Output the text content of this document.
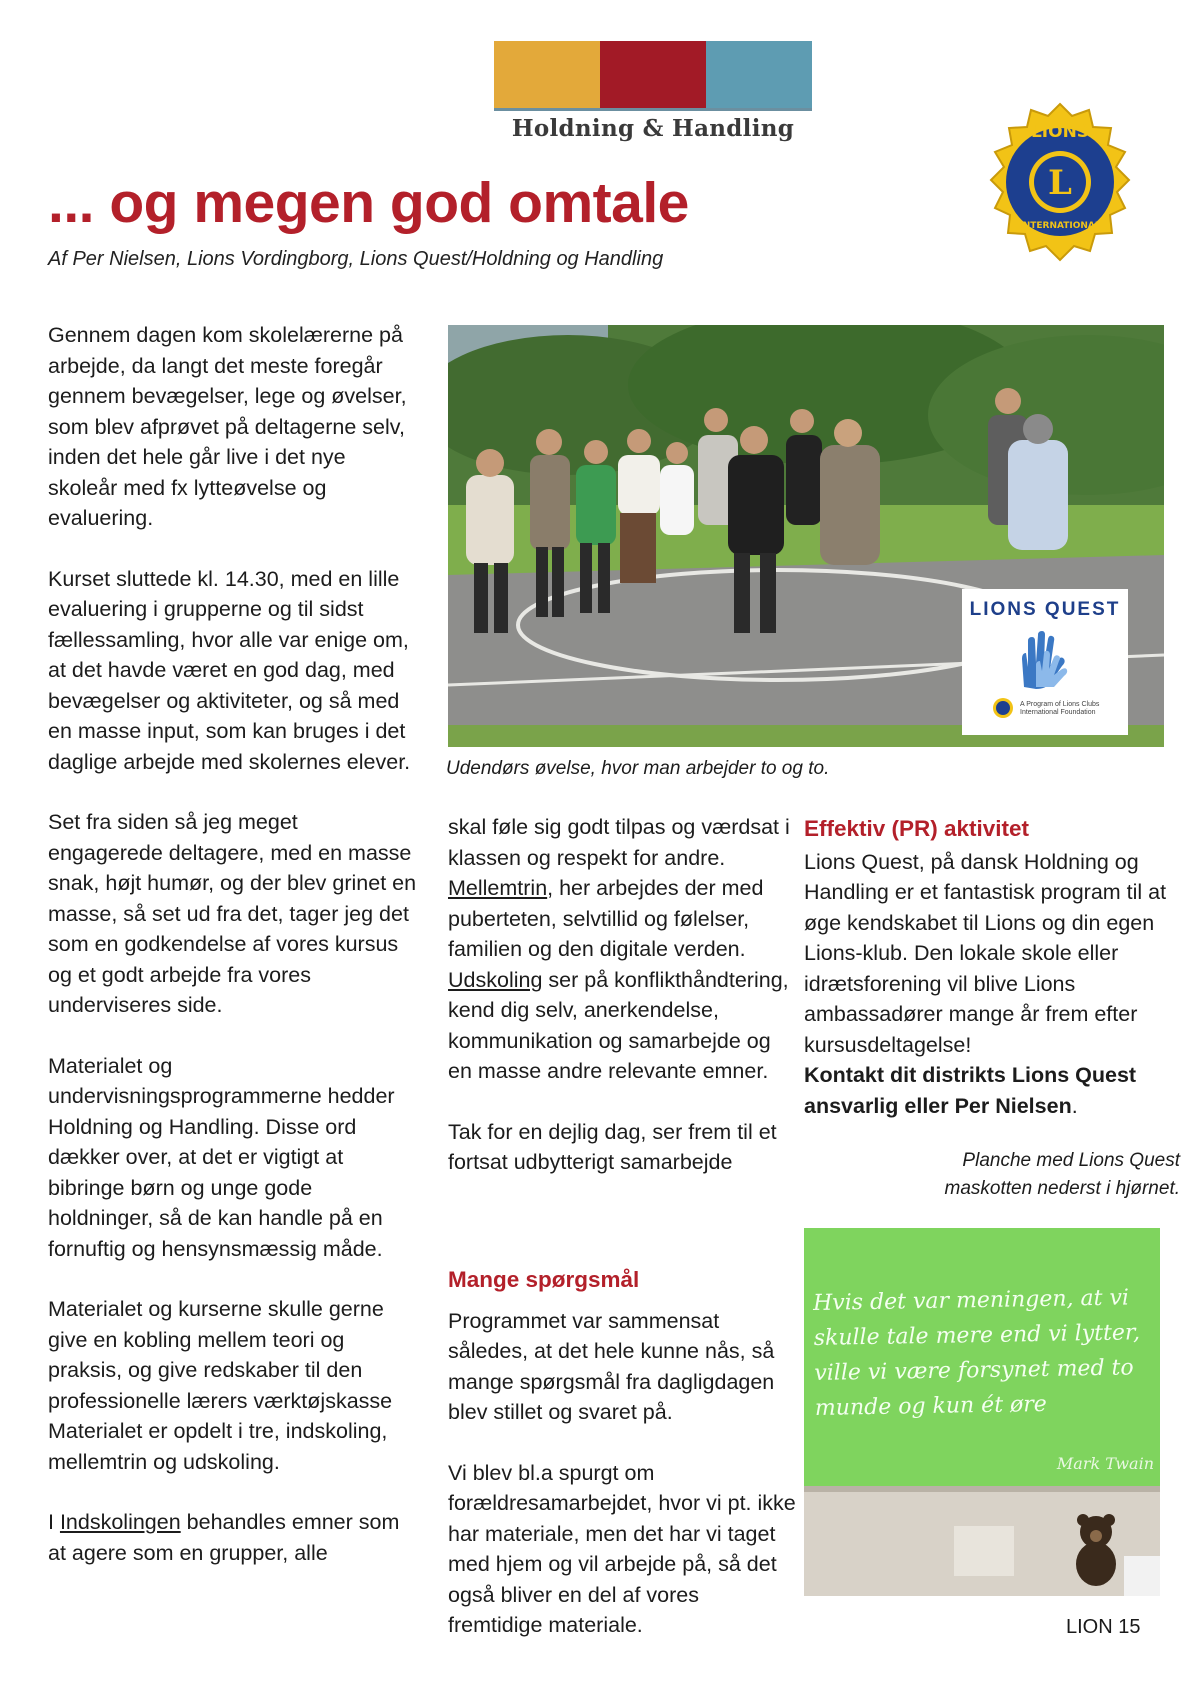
Holdning & Handling	LIONS
L
INTERNATIONAL
... og megen god omtale
Af Per Nielsen, Lions Vordingborg, Lions Quest/Holdning og Handling

Gennem dagen kom skolelærerne på arbejde, da langt det meste foregår gennem bevægelser, lege og øvelser, som blev afprøvet på deltagerne selv, inden det hele går live i det nye skoleår med fx lytteøvelse og evaluering.

Kurset sluttede kl. 14.30, med en lille evaluering i grupperne og til sidst fællessamling, hvor alle var enige om, at det havde været en god dag, med bevægelser og aktiviteter, og så med en masse input, som kan bruges i det daglige arbejde med skolernes elever.

Set fra siden så jeg meget engagerede deltagere, med en masse snak, højt humør, og der blev grinet en masse, så set ud fra det, tager jeg det som en godkendelse af vores kursus og et godt arbejde fra vores underviseres side.

Materialet og undervisningsprogrammerne hedder Holdning og Handling. Disse ord dækker over, at det er vigtigt at bibringe børn og unge gode holdninger, så de kan handle på en fornuftig og hensynsmæssig måde.

Materialet og kurserne skulle gerne give en kobling mellem teori og praksis, og give redskaber til den professionelle lærers værktøjskasse Materialet er opdelt i tre, indskoling, mellemtrin og udskoling.

I Indskolingen behandles emner som at agere som en grupper, alle

LIONS QUEST
A Program of Lions Clubs International Foundation
Udendørs øvelse, hvor man arbejder to og to.

skal føle sig godt tilpas og værdsat i klassen og respekt for andre. Mellemtrin, her arbejdes der med puberteten, selvtillid og følelser, familien og den digitale verden. Udskoling ser på konflikthåndtering, kend dig selv, anerkendelse, kommunikation og samarbejde og en masse andre relevante emner.

Tak for en dejlig dag, ser frem til et fortsat udbytterigt samarbejde

Mange spørgsmål

Programmet var sammensat således, at det hele kunne nås, så mange spørgsmål fra dagligdagen blev stillet og svaret på.

Vi blev bl.a spurgt om forældresamarbejdet, hvor vi pt. ikke har materiale, men det har vi taget med hjem og vil arbejde på, så det også bliver en del af vores fremtidige materiale.

Effektiv (PR) aktivitet

Lions Quest, på dansk Holdning og Handling er et fantastisk program til at øge kendskabet til Lions og din egen Lions-klub. Den lokale skole eller idrætsforening vil blive Lions ambassadører mange år frem efter kursusdeltagelse!

Kontakt dit distrikts Lions Quest ansvarlig eller Per Nielsen.

Planche med Lions Quest maskotten nederst i hjørnet.
Hvis det var meningen, at vi skulle tale mere end vi lytter, ville vi være forsynet med to munde og kun ét øre
Mark Twain
LION 15
